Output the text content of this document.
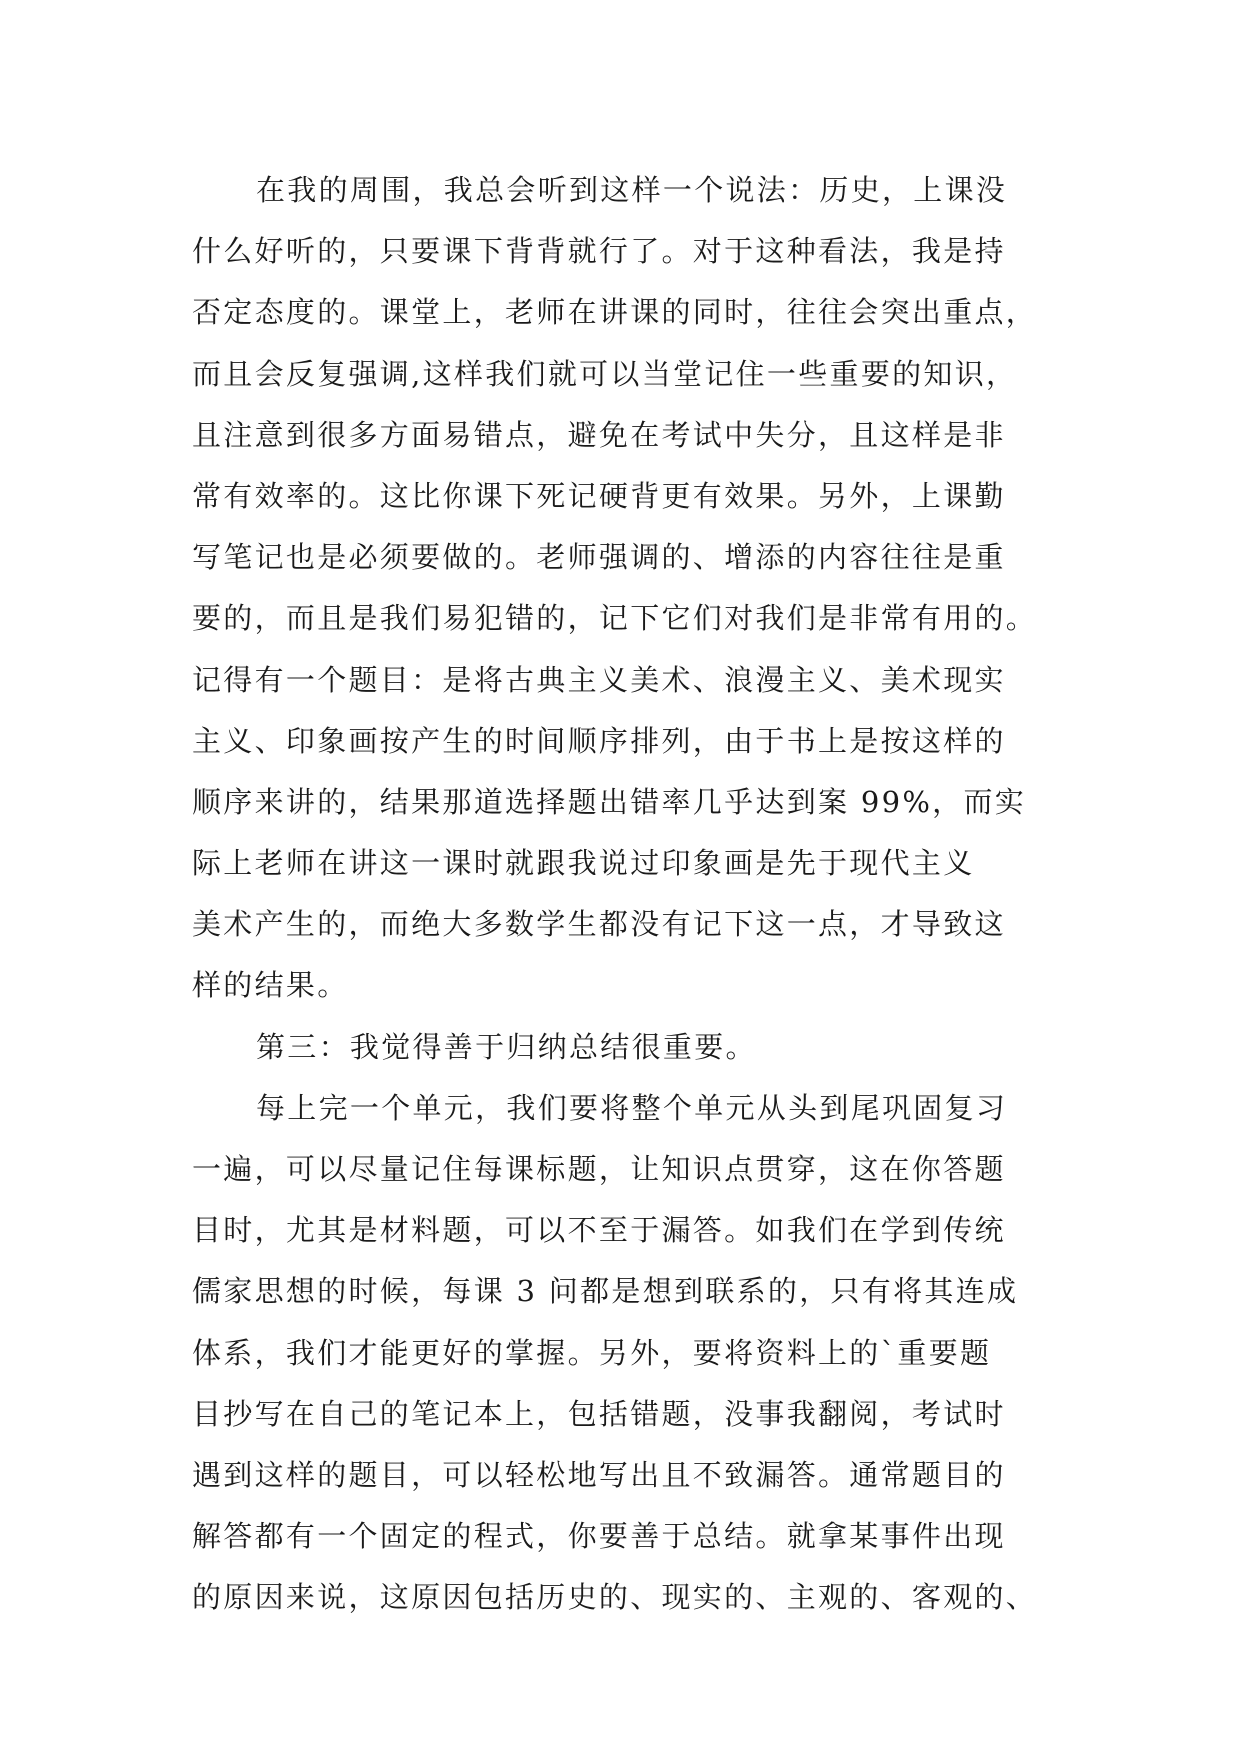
在我的周围，我总会听到这样一个说法：历史，上课没
什么好听的，只要课下背背就行了。对于这种看法，我是持
否定态度的。课堂上，老师在讲课的同时，往往会突出重点，
而且会反复强调,这样我们就可以当堂记住一些重要的知识，
且注意到很多方面易错点，避免在考试中失分，且这样是非
常有效率的。这比你课下死记硬背更有效果。另外，上课勤
写笔记也是必须要做的。老师强调的、增添的内容往往是重
要的，而且是我们易犯错的，记下它们对我们是非常有用的。
记得有一个题目：是将古典主义美术、浪漫主义、美术现实
主义、印象画按产生的时间顺序排列，由于书上是按这样的
顺序来讲的，结果那道选择题出错率几乎达到案 99%，而实
际上老师在讲这一课时就跟我说过印象画是先于现代主义
美术产生的，而绝大多数学生都没有记下这一点，才导致这
样的结果。
第三：我觉得善于归纳总结很重要。
每上完一个单元，我们要将整个单元从头到尾巩固复习
一遍，可以尽量记住每课标题，让知识点贯穿，这在你答题
目时，尤其是材料题，可以不至于漏答。如我们在学到传统
儒家思想的时候，每课 3 问都是想到联系的，只有将其连成
体系，我们才能更好的掌握。另外，要将资料上的`重要题
目抄写在自己的笔记本上，包括错题，没事我翻阅，考试时
遇到这样的题目，可以轻松地写出且不致漏答。通常题目的
解答都有一个固定的程式，你要善于总结。就拿某事件出现
的原因来说，这原因包括历史的、现实的、主观的、客观的、
